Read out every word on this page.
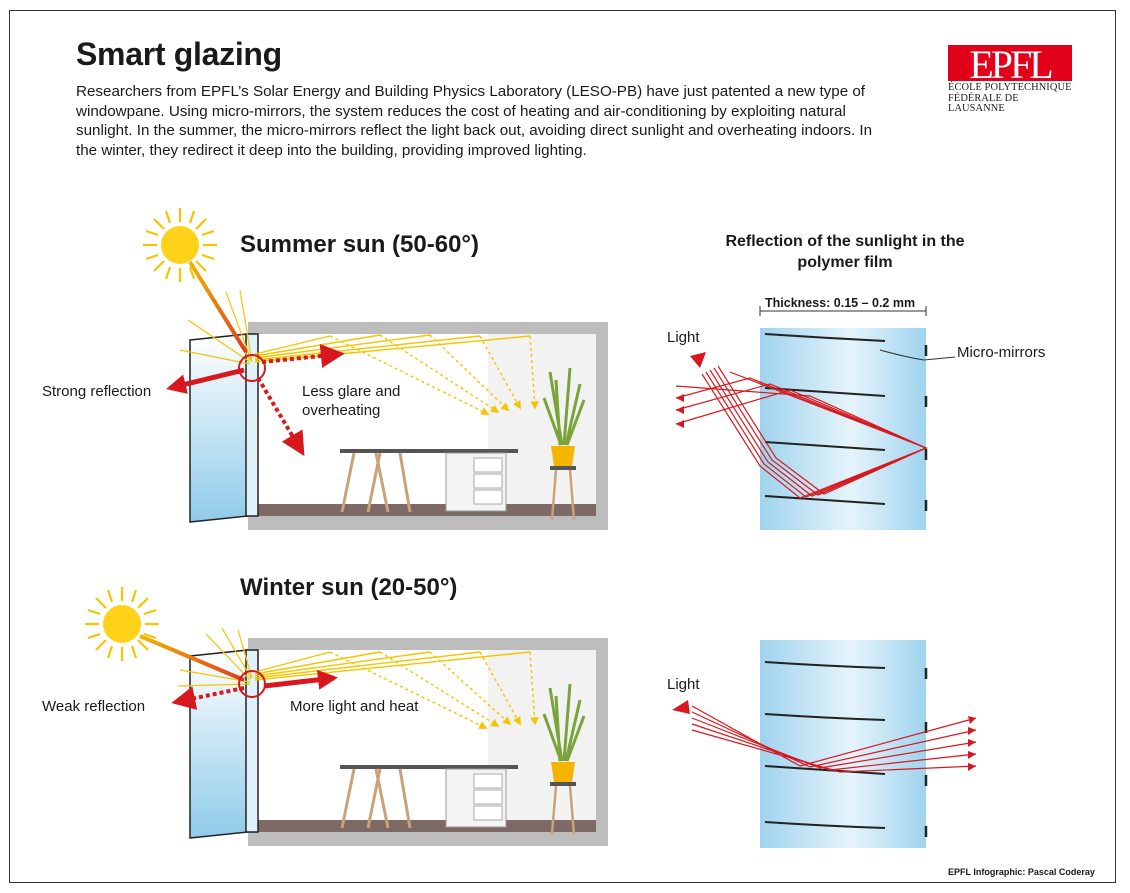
Smart glazing
Researchers from EPFL’s Solar Energy and Building Physics Laboratory (LESO-PB) have just patented a new type of windowpane. Using micro-mirrors, the system reduces the cost of heating and air-conditioning by exploiting natural sunlight. In the summer, the micro-mirrors reflect the light back out, avoiding direct sunlight and overheating indoors. In the winter, they redirect it deep into the building, providing improved lighting.
EPFL
ÉCOLE POLYTECHNIQUE
FÉDÉRALE DE LAUSANNE
Summer sun (50-60°)
Strong reflection	Less glare and overheating
Winter sun (20-50°)
Weak reflection	More light and heat
Reflection of the sunlight in the polymer film
Thickness: 0.15 – 0.2 mm
Micro-mirrors
Light
Light
EPFL Infographic: Pascal Coderay
